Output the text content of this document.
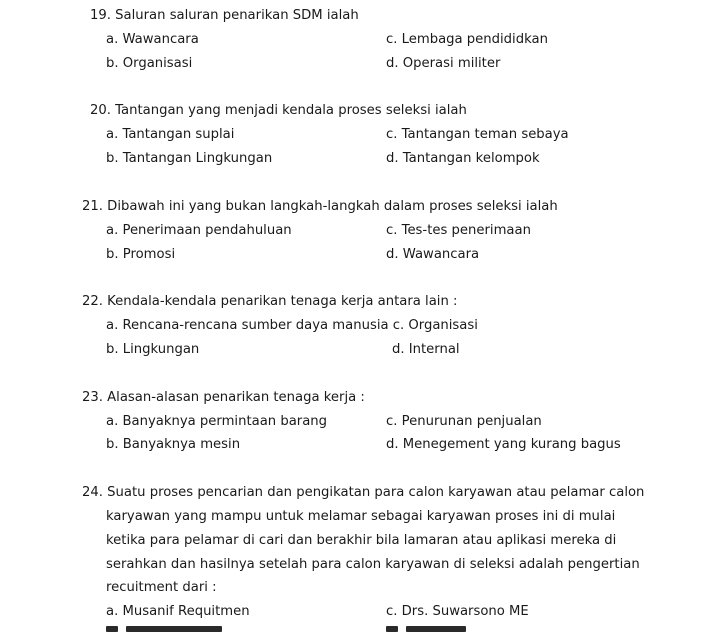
19. Saluran saluran penarikan SDM ialah
a. Wawancara	c. Lembaga pendididkan
b. Organisasi	d. Operasi militer
20. Tantangan yang menjadi kendala proses seleksi ialah
a. Tantangan suplai	c. Tantangan teman sebaya
b. Tantangan Lingkungan	d. Tantangan kelompok
21. Dibawah ini yang bukan langkah-langkah dalam proses seleksi ialah
a. Penerimaan pendahuluan	c. Tes-tes penerimaan
b. Promosi	d. Wawancara
22. Kendala-kendala penarikan tenaga kerja antara lain :
a. Rencana-rencana sumber daya manusia c. Organisasi
b. Lingkungan	d. Internal
23. Alasan-alasan penarikan tenaga kerja :
a. Banyaknya permintaan barang	c. Penurunan penjualan
b. Banyaknya mesin	d. Menegement yang kurang bagus
24. Suatu proses pencarian dan pengikatan para calon karyawan atau pelamar calon
karyawan yang mampu untuk melamar sebagai karyawan proses ini di mulai
ketika para pelamar di cari dan berakhir bila lamaran atau aplikasi mereka di
serahkan dan hasilnya setelah para calon karyawan di seleksi adalah pengertian
recuitment dari :
a. Musanif Requitmen	c. Drs. Suwarsono ME
